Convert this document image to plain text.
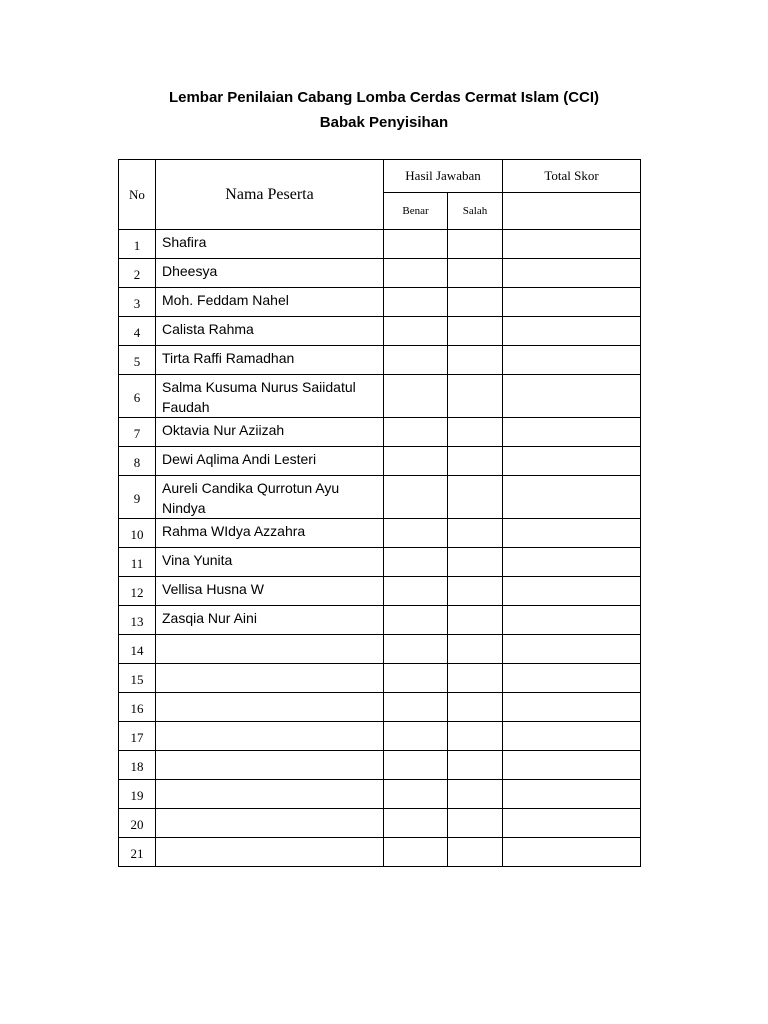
Lembar Penilaian Cabang Lomba Cerdas Cermat Islam (CCI)
Babak Penyisihan
No	Nama Peserta	Hasil Jawaban		Total Skor
		Benar	Salah	
1	Shafira			
2	Dheesya			
3	Moh. Feddam Nahel			
4	Calista Rahma			
5	Tirta Raffi Ramadhan			
6	Salma Kusuma Nurus Saiidatul Faudah			
7	Oktavia Nur Aziizah			
8	Dewi Aqlima Andi Lesteri			
9	Aureli Candika Qurrotun Ayu Nindya			
10	Rahma WIdya Azzahra			
11	Vina Yunita			
12	Vellisa Husna W			
13	Zasqia Nur Aini			
14				
15				
16				
17				
18				
19				
20				
21				
